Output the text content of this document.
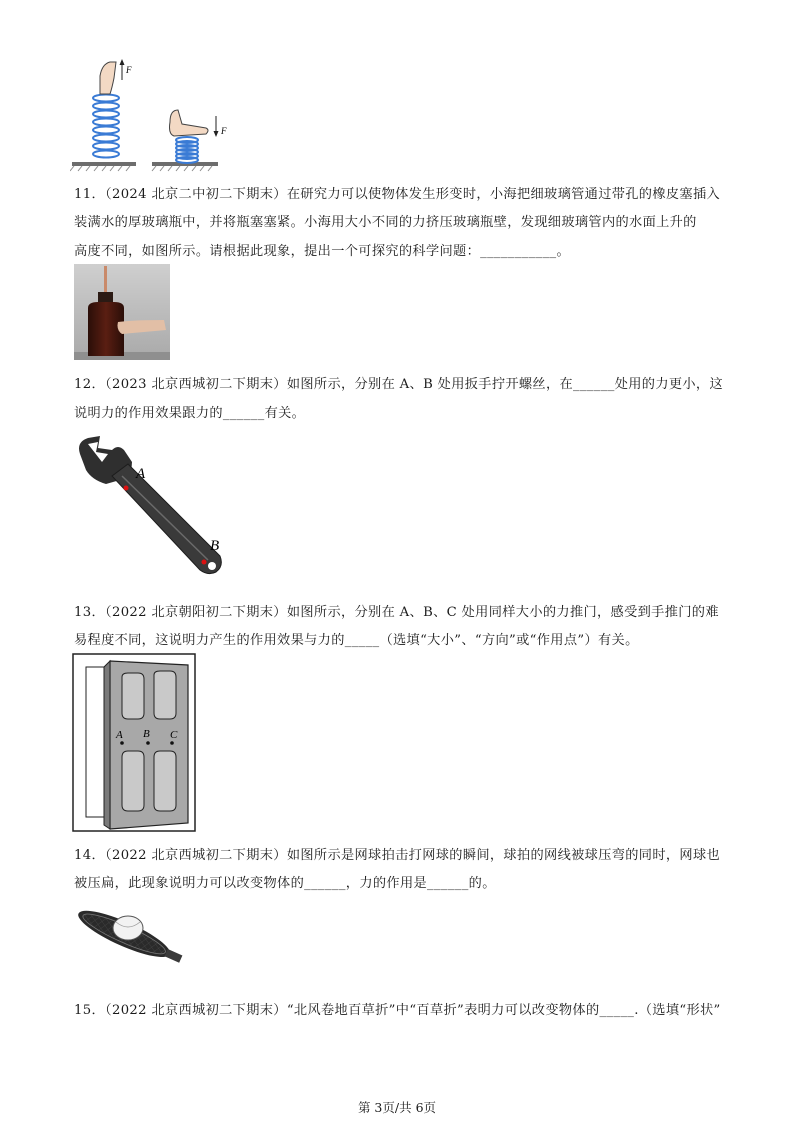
F
F
11．（2024 北京二中初二下期末）在研究力可以使物体发生形变时，小海把细玻璃管通过带孔的橡皮塞插入
装满水的厚玻璃瓶中，并将瓶塞塞紧。小海用大小不同的力挤压玻璃瓶壁，发现细玻璃管内的水面上升的
高度不同，如图所示。请根据此现象，提出一个可探究的科学问题：___________。
12．（2023 北京西城初二下期末）如图所示，分别在 A、B 处用扳手拧开螺丝，在______处用的力更小，这
说明力的作用效果跟力的______有关。
A
B
13．（2022 北京朝阳初二下期末）如图所示，分别在 A、B、C 处用同样大小的力推门，感受到手推门的难
易程度不同，这说明力产生的作用效果与力的_____（选填“大小”、“方向”或“作用点”）有关。
A B C
14．（2022 北京西城初二下期末）如图所示是网球拍击打网球的瞬间，球拍的网线被球压弯的同时，网球也
被压扁，此现象说明力可以改变物体的______，力的作用是______的。
15．（2022 北京西城初二下期末）“北风卷地百草折”中“百草折”表明力可以改变物体的_____.（选填“形状”
第 3页/共 6页
